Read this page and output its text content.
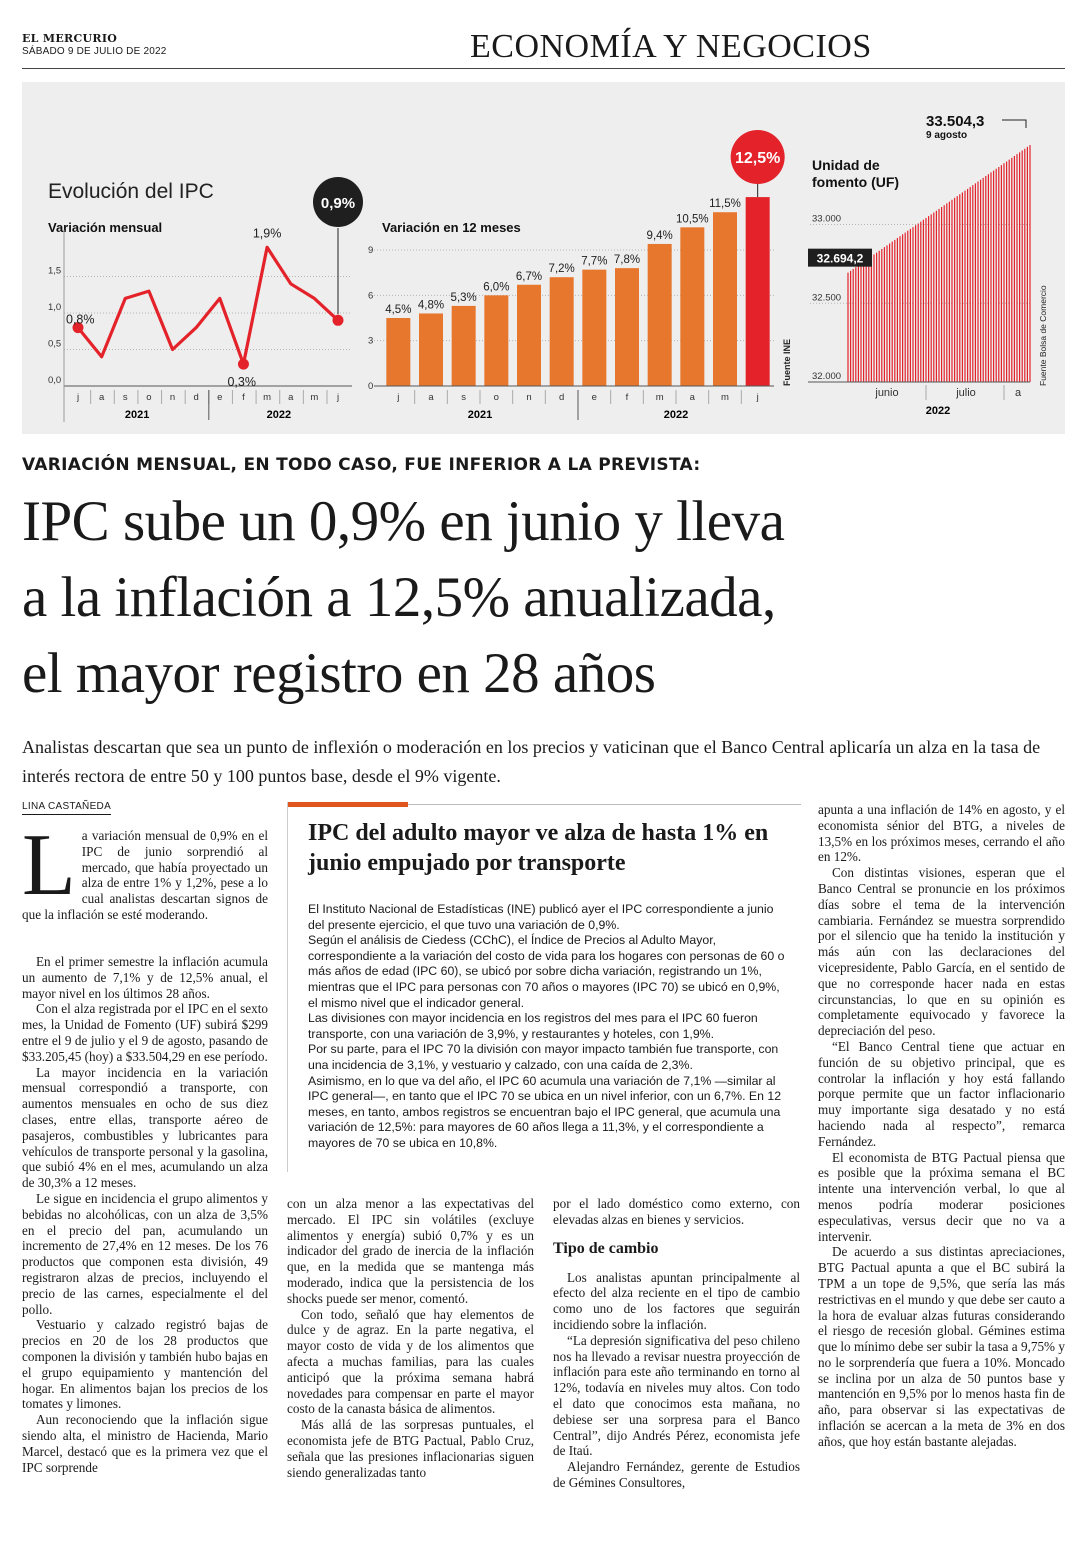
EL MERCURIO
SÁBADO 9 DE JULIO DE 2022	ECONOMÍA Y NEGOCIOS
Evolución del IPC
Variación mensual
0,0
0,5
1,0
1,5
j a s o n d e f m a m j
2021	2022
0,8%
0,3%
1,9%
0,9%
Variación en 12 meses
0
3
6
9
4,5%
j
4,8%
a
5,3%
s
6,0%
o
6,7%
n
7,2%
d
7,7%
e
7,8%
f
9,4%
m
10,5%
a
11,5%
m	j
12,5%
2021	2022
Fuente INE
Unidad de
fomento (UF)
32.000
32.500
33.000
32.694,2
33.504,3
9 agosto
junio	julio	a
2022
Fuente Bolsa de Comercio
VARIACIÓN MENSUAL, EN TODO CASO, FUE INFERIOR A LA PREVISTA:
IPC sube un 0,9% en junio y lleva
a la inflación a 12,5% anualizada,
el mayor registro en 28 años
Analistas descartan que sea un punto de inflexión o moderación en los precios y vaticinan que el Banco Central aplicaría un alza en la tasa de interés rectora de entre 50 y 100 puntos base, desde el 9% vigente.
LINA CASTAÑEDA

La variación mensual de 0,9% en el IPC de junio sorprendió al mercado, que había proyectado un alza de entre 1% y 1,2%, pese a lo cual analistas descartan signos de que la inflación se esté moderando.

En el primer semestre la inflación acumula un aumento de 7,1% y de 12,5% anual, el mayor nivel en los últimos 28 años.

Con el alza registrada por el IPC en el sexto mes, la Unidad de Fomento (UF) subirá $299 entre el 9 de julio y el 9 de agosto, pasando de $33.205,45 (hoy) a $33.504,29 en ese período.

La mayor incidencia en la variación mensual correspondió a transporte, con aumentos mensuales en ocho de sus diez clases, entre ellas, transporte aéreo de pasajeros, combustibles y lubricantes para vehículos de transporte personal y la gasolina, que subió 4% en el mes, acumulando un alza de 30,3% a 12 meses.

Le sigue en incidencia el grupo alimentos y bebidas no alcohólicas, con un alza de 3,5% en el precio del pan, acumulando un incremento de 27,4% en 12 meses. De los 76 productos que componen esta división, 49 registraron alzas de precios, incluyendo el precio de las carnes, especialmente el del pollo.

Vestuario y calzado registró bajas de precios en 20 de los 28 productos que componen la división y también hubo bajas en el grupo equipamiento y mantención del hogar. En alimentos bajan los precios de los tomates y limones.

Aun reconociendo que la inflación sigue siendo alta, el ministro de Hacienda, Mario Marcel, destacó que es la primera vez que el IPC sorprende

IPC del adulto mayor ve alza de hasta 1% en junio empujado por transporte

El Instituto Nacional de Estadísticas (INE) publicó ayer el IPC correspondiente a junio del presente ejercicio, el que tuvo una variación de 0,9%.

Según el análisis de Ciedess (CChC), el Índice de Precios al Adulto Mayor, correspondiente a la variación del costo de vida para los hogares con personas de 60 o más años de edad (IPC 60), se ubicó por sobre dicha variación, registrando un 1%, mientras que el IPC para personas con 70 años o mayores (IPC 70) se ubicó en 0,9%, el mismo nivel que el indicador general.

Las divisiones con mayor incidencia en los registros del mes para el IPC 60 fueron transporte, con una variación de 3,9%, y restaurantes y hoteles, con 1,9%.

Por su parte, para el IPC 70 la división con mayor impacto también fue transporte, con una incidencia de 3,1%, y vestuario y calzado, con una caída de 2,3%.

Asimismo, en lo que va del año, el IPC 60 acumula una variación de 7,1% —similar al IPC general—, en tanto que el IPC 70 se ubica en un nivel inferior, con un 6,7%. En 12 meses, en tanto, ambos registros se encuentran bajo el IPC general, que acumula una variación de 12,5%: para mayores de 60 años llega a 11,3%, y el correspondiente a mayores de 70 se ubica en 10,8%.

con un alza menor a las expectativas del mercado. El IPC sin volátiles (excluye alimentos y energía) subió 0,7% y es un indicador del grado de inercia de la inflación que, en la medida que se mantenga más moderado, indica que la persistencia de los shocks puede ser menor, comentó.

Con todo, señaló que hay elementos de dulce y de agraz. En la parte negativa, el mayor costo de vida y de los alimentos que afecta a muchas familias, para las cuales anticipó que la próxima semana habrá novedades para compensar en parte el mayor costo de la canasta básica de alimentos.

Más allá de las sorpresas puntuales, el economista jefe de BTG Pactual, Pablo Cruz, señala que las presiones inflacionarias siguen siendo generalizadas tanto

por el lado doméstico como externo, con elevadas alzas en bienes y servicios.

Tipo de cambio

Los analistas apuntan principalmente al efecto del alza reciente en el tipo de cambio como uno de los factores que seguirán incidiendo sobre la inflación.

“La depresión significativa del peso chileno nos ha llevado a revisar nuestra proyección de inflación para este año terminando en torno al 12%, todavía en niveles muy altos. Con todo el dato que conocimos esta mañana, no debiese ser una sorpresa para el Banco Central”, dijo Andrés Pérez, economista jefe de Itaú.

Alejandro Fernández, gerente de Estudios de Gémines Consultores,

apunta a una inflación de 14% en agosto, y el economista sénior del BTG, a niveles de 13,5% en los próximos meses, cerrando el año en 12%.

Con distintas visiones, esperan que el Banco Central se pronuncie en los próximos días sobre el tema de la intervención cambiaria. Fernández se muestra sorprendido por el silencio que ha tenido la institución y más aún con las declaraciones del vicepresidente, Pablo García, en el sentido de que no corresponde hacer nada en estas circunstancias, lo que en su opinión es completamente equivocado y favorece la depreciación del peso.

“El Banco Central tiene que actuar en función de su objetivo principal, que es controlar la inflación y hoy está fallando porque permite que un factor inflacionario muy importante siga desatado y no está haciendo nada al respecto”, remarca Fernández.

El economista de BTG Pactual piensa que es posible que la próxima semana el BC intente una intervención verbal, lo que al menos podría moderar posiciones especulativas, versus decir que no va a intervenir.

De acuerdo a sus distintas apreciaciones, BTG Pactual apunta a que el BC subirá la TPM a un tope de 9,5%, que sería las más restrictivas en el mundo y que debe ser cauto a la hora de evaluar alzas futuras considerando el riesgo de recesión global. Gémines estima que lo mínimo debe ser subir la tasa a 9,75% y no le sorprendería que fuera a 10%. Moncado se inclina por un alza de 50 puntos base y mantención en 9,5% por lo menos hasta fin de año, para observar si las expectativas de inflación se acercan a la meta de 3% en dos años, que hoy están bastante alejadas.
